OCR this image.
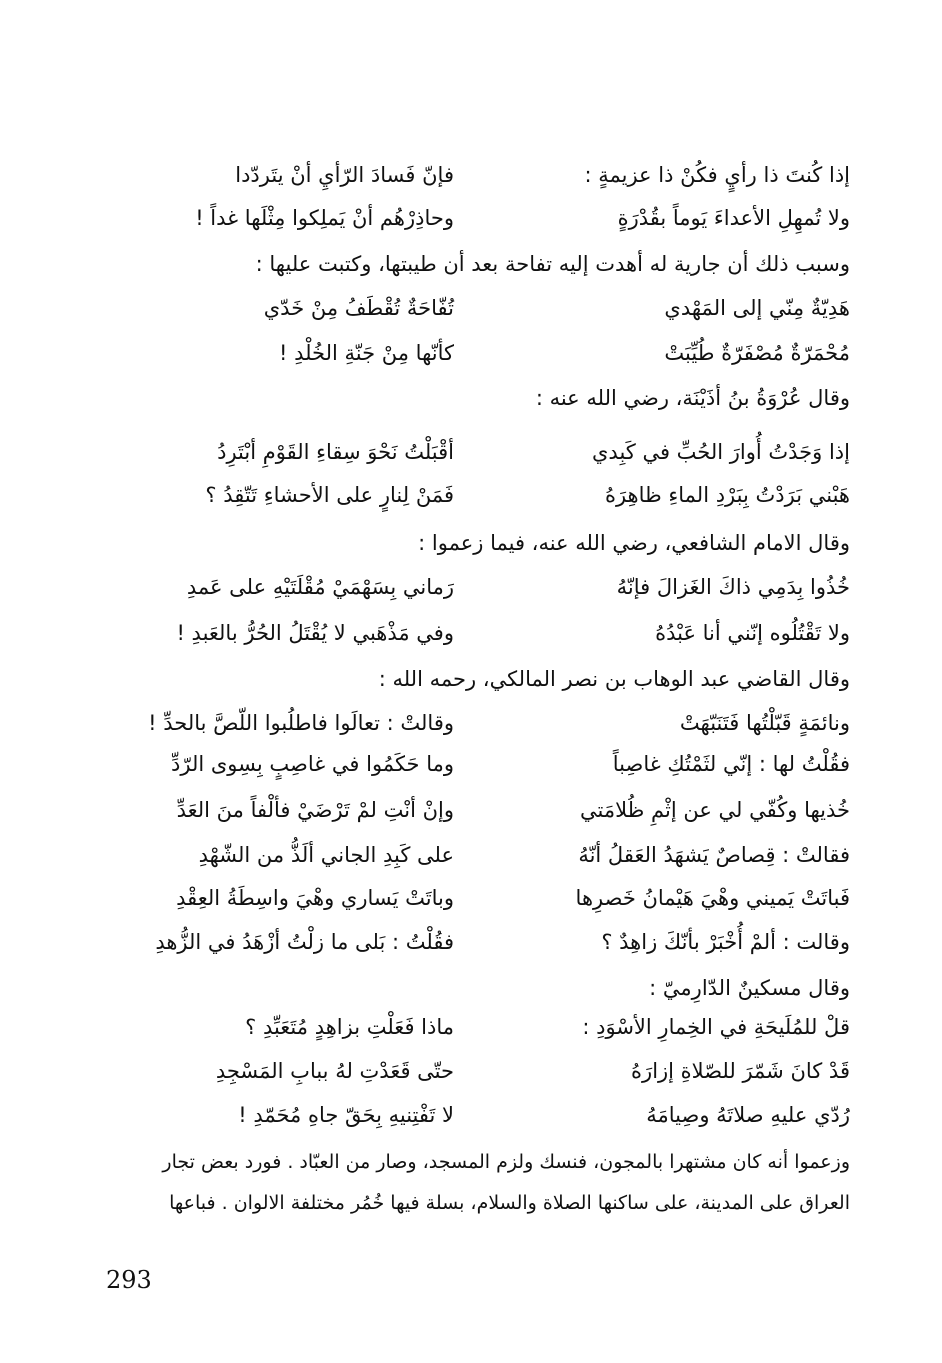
إذا كُنتَ ذا رأيٍ فكُنْ ذا عزيمةٍ :
فإنّ فَسادَ الرّأيِ أنْ يتَردّدا
ولا تُمهِلِ الأعداءَ يَوماً بقُدْرَةٍ
وحاذِرْهُم أنْ يَملِكوا مِثْلَها غداً !
وسبب ذلك أن جارية له أهدت إليه تفاحة بعد أن طيبتها، وكتبت عليها :
هَدِيّةٌ مِنّي إلى المَهْدي
تُفّاحَةٌ تُقْطَفُ مِنْ خَدّي
مُحْمَرّةٌ مُصْفَرّةٌ طُيِّبَتْ
كأنّها مِنْ جَنّةِ الخُلْدِ !
وقال عُرْوَةُ بنُ أذَيْنَة، رضي الله عنه :
إذا وَجَدْتُ أُوارَ الحُبِّ في كَبِدي
أقْبَلْتُ نَحْوَ سِقاءِ القَوْمِ أبْتَرِدُ
هَبْني بَرَدْتُ بِبَرْدِ الماءِ ظاهِرَهُ
فَمَنْ لِنارٍ على الأحشاءِ تَتّقِدُ ؟
وقال الامام الشافعي، رضي الله عنه، فيما زعموا :
خُذُوا بِدَمِي ذاكَ الغَزالَ فإنّهُ
رَماني بِسَهْمَيْ مُقْلَتَيْهِ على عَمدِ
ولا تَقْتُلُوه إنّني أنا عَبْدُهُ
وفي مَذْهَبي لا يُقْتَلُ الحُرُّ بالعَبدِ !
وقال القاضي عبد الوهاب بن نصر المالكي، رحمه الله :
ونائمَةٍ قَبّلْتُها فَتَنَبّهَتْ
وقالتْ : تعالَوا فاطلُبوا اللّصَّ بالحدِّ !
فقُلْتُ لها : إنّي لثَمْتُكِ غاصِباً
وما حَكَمُوا في غاصِبٍ بِسِوى الرّدِّ
خُذيها وكُفّي لي عن إثْمِ ظُلامَتي
وإنْ أنْتِ لمْ تَرْضَيْ فألْفاً منَ العَدِّ
فقالتْ : قِصاصٌ يَشهَدُ العَقلُ أنّهُ
على كَبِدِ الجاني ألَذُّ من الشّهْدِ
فَباتَتْ يَميني وهْيَ هَيْمانُ خَصرِها
وباتَتْ يَساري وهْيَ واسِطَةُ العِقْدِ
وقالت : ألمْ أُخْبَرْ بأنّكَ زاهِدٌ ؟
فقُلْتُ : بَلى ما زلْتُ أزْهَدُ في الزُّهدِ
وقال مسكينٌ الدّارِميّ :
قلْ للمُلَيحَةِ في الخِمارِ الأسْوَدِ :
ماذا فَعَلْتِ بزاهِدٍ مُتَعَبِّدِ ؟
قَدْ كانَ شَمّرَ للصّلاةِ إزارَهُ
حتّى قَعَدْتِ لهُ ببابِ المَسْجِدِ
رُدّي عليهِ صلاتَهُ وصِيامَهُ
لا تَفْتِنيهِ بِحَقّ جاهِ مُحَمّدِ !
وزعموا أنه كان مشتهرا بالمجون، فنسك ولزم المسجد، وصار من العبّاد . فورد بعض تجار
العراق على المدينة، على ساكنها الصلاة والسلام، بسلة فيها خُمُر مختلفة الالوان . فباعها
293
